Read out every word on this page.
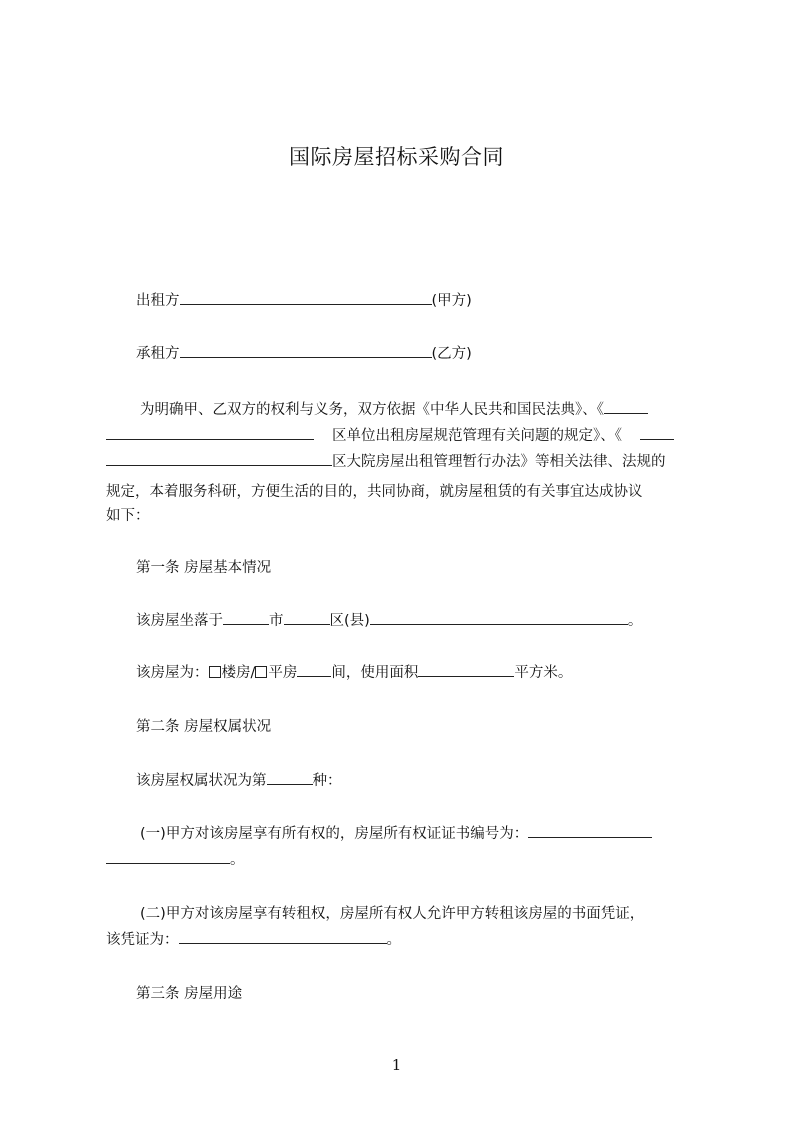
国际房屋招标采购合同
出租方	(甲方)
承租方	(乙方)
为明确甲、乙双方的权利与义务，双方依据《中华人民共和国民法典》、《
区单位出租房屋规范管理有关问题的规定》、《
区大院房屋出租管理暂行办法》等相关法律、法规的
规定，本着服务科研，方便生活的目的，共同协商，就房屋租赁的有关事宜达成协议
如下：
第一条 房屋基本情况
该房屋坐落于	市	区(县)	。
该房屋为： 楼房/ 平房 间，使用面积	平方米。
第二条 房屋权属状况
该房屋权属状况为第	种：
(一)甲方对该房屋享有所有权的，房屋所有权证证书编号为：
。
(二)甲方对该房屋享有转租权，房屋所有权人允许甲方转租该房屋的书面凭证，
该凭证为：	。
第三条 房屋用途
1
